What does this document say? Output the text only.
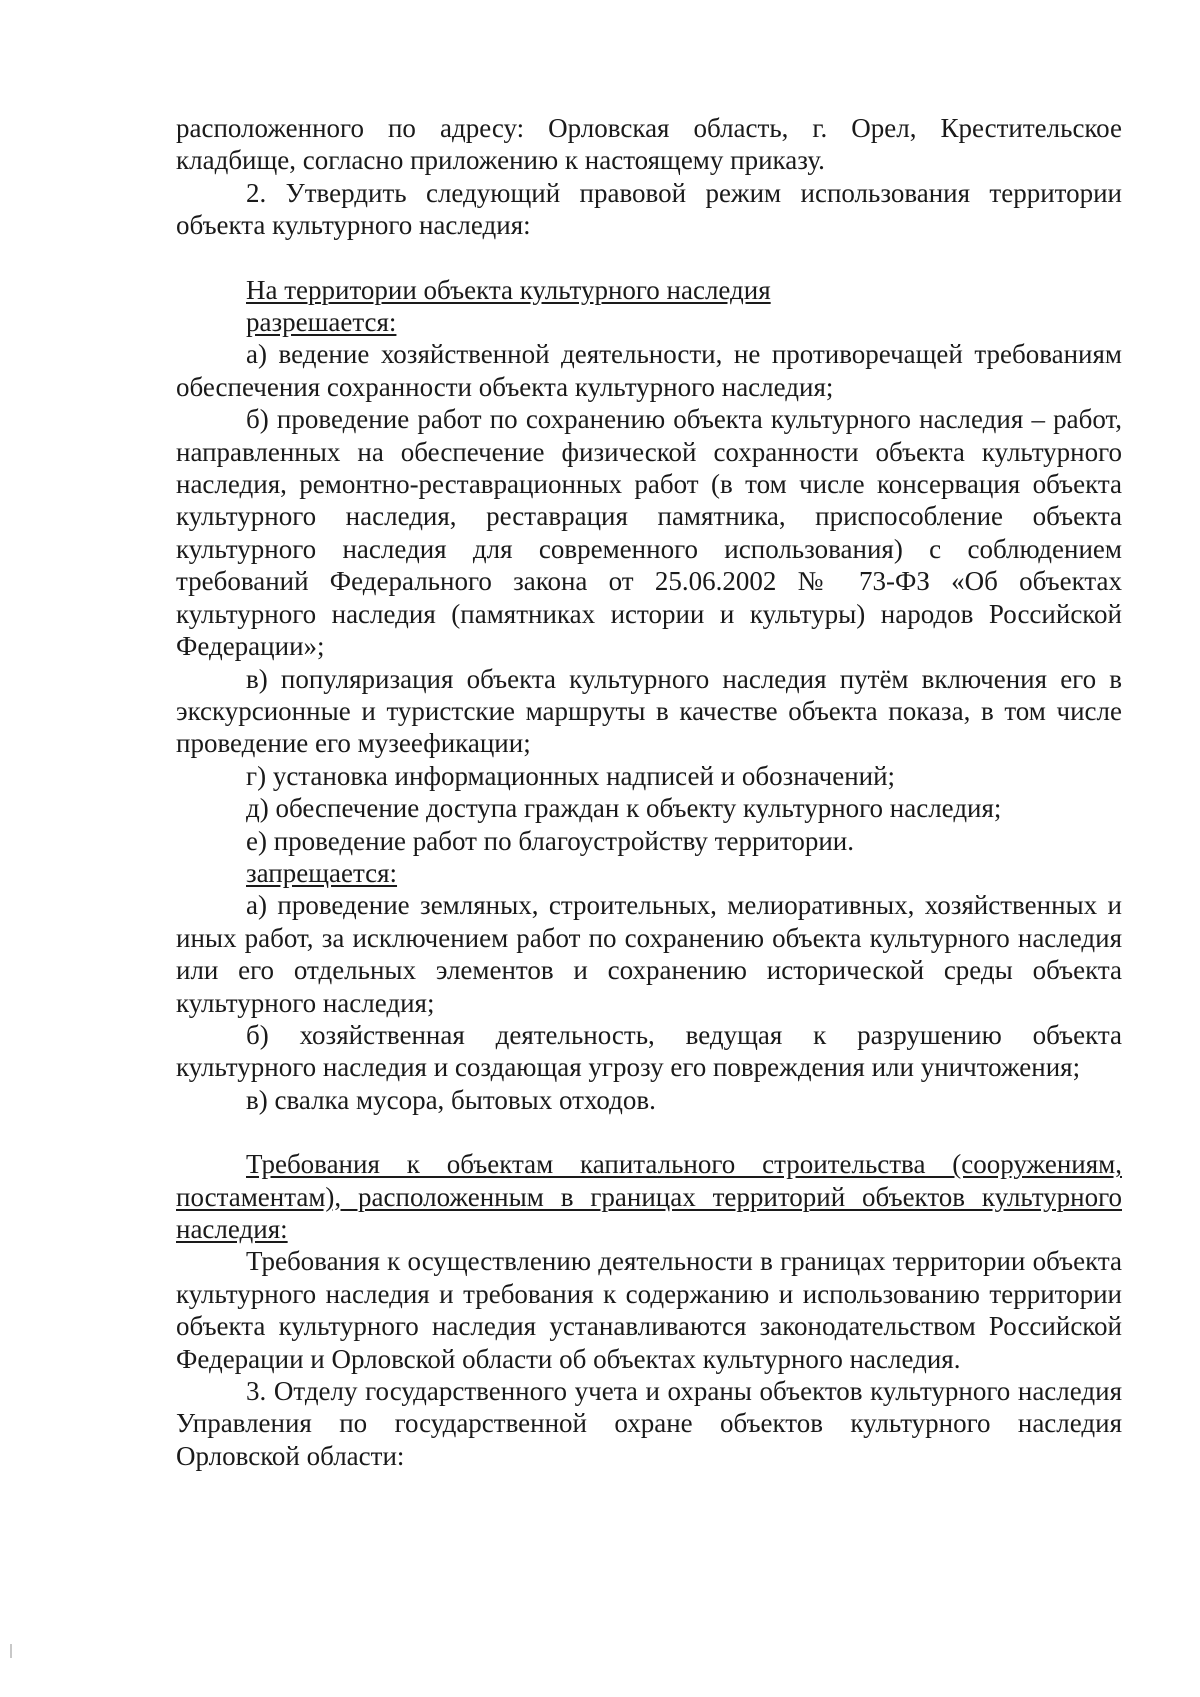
расположенного по адресу: Орловская область, г. Орел, Крестительское кладбище, согласно приложению к настоящему приказу.

2. Утвердить следующий правовой режим использования территории объекта культурного наследия:

На территории объекта культурного наследия

разрешается:

а) ведение хозяйственной деятельности, не противоречащей требованиям обеспечения сохранности объекта культурного наследия;

б) проведение работ по сохранению объекта культурного наследия – работ, направленных на обеспечение физической сохранности объекта культурного наследия, ремонтно-реставрационных работ (в том числе консервация объекта культурного наследия, реставрация памятника, приспособление объекта культурного наследия для современного использования) с соблюдением требований Федерального закона от 25.06.2002 № 73-ФЗ «Об объектах культурного наследия (памятниках истории и культуры) народов Российской Федерации»;

в) популяризация объекта культурного наследия путём включения его в экскурсионные и туристские маршруты в качестве объекта показа, в том числе проведение его музеефикации;

г) установка информационных надписей и обозначений;

д) обеспечение доступа граждан к объекту культурного наследия;

е) проведение работ по благоустройству территории.

запрещается:

а) проведение земляных, строительных, мелиоративных, хозяйственных и иных работ, за исключением работ по сохранению объекта культурного наследия или его отдельных элементов и сохранению исторической среды объекта культурного наследия;

б) хозяйственная деятельность, ведущая к разрушению объекта культурного наследия и создающая угрозу его повреждения или уничтожения;

в) свалка мусора, бытовых отходов.

Требования к объектам капитального строительства (сооружениям, постаментам), расположенным в границах территорий объектов культурного наследия:

Требования к осуществлению деятельности в границах территории объекта культурного наследия и требования к содержанию и использованию территории объекта культурного наследия устанавливаются законодательством Российской Федерации и Орловской области об объектах культурного наследия.

3. Отделу государственного учета и охраны объектов культурного наследия Управления по государственной охране объектов культурного наследия Орловской области:
